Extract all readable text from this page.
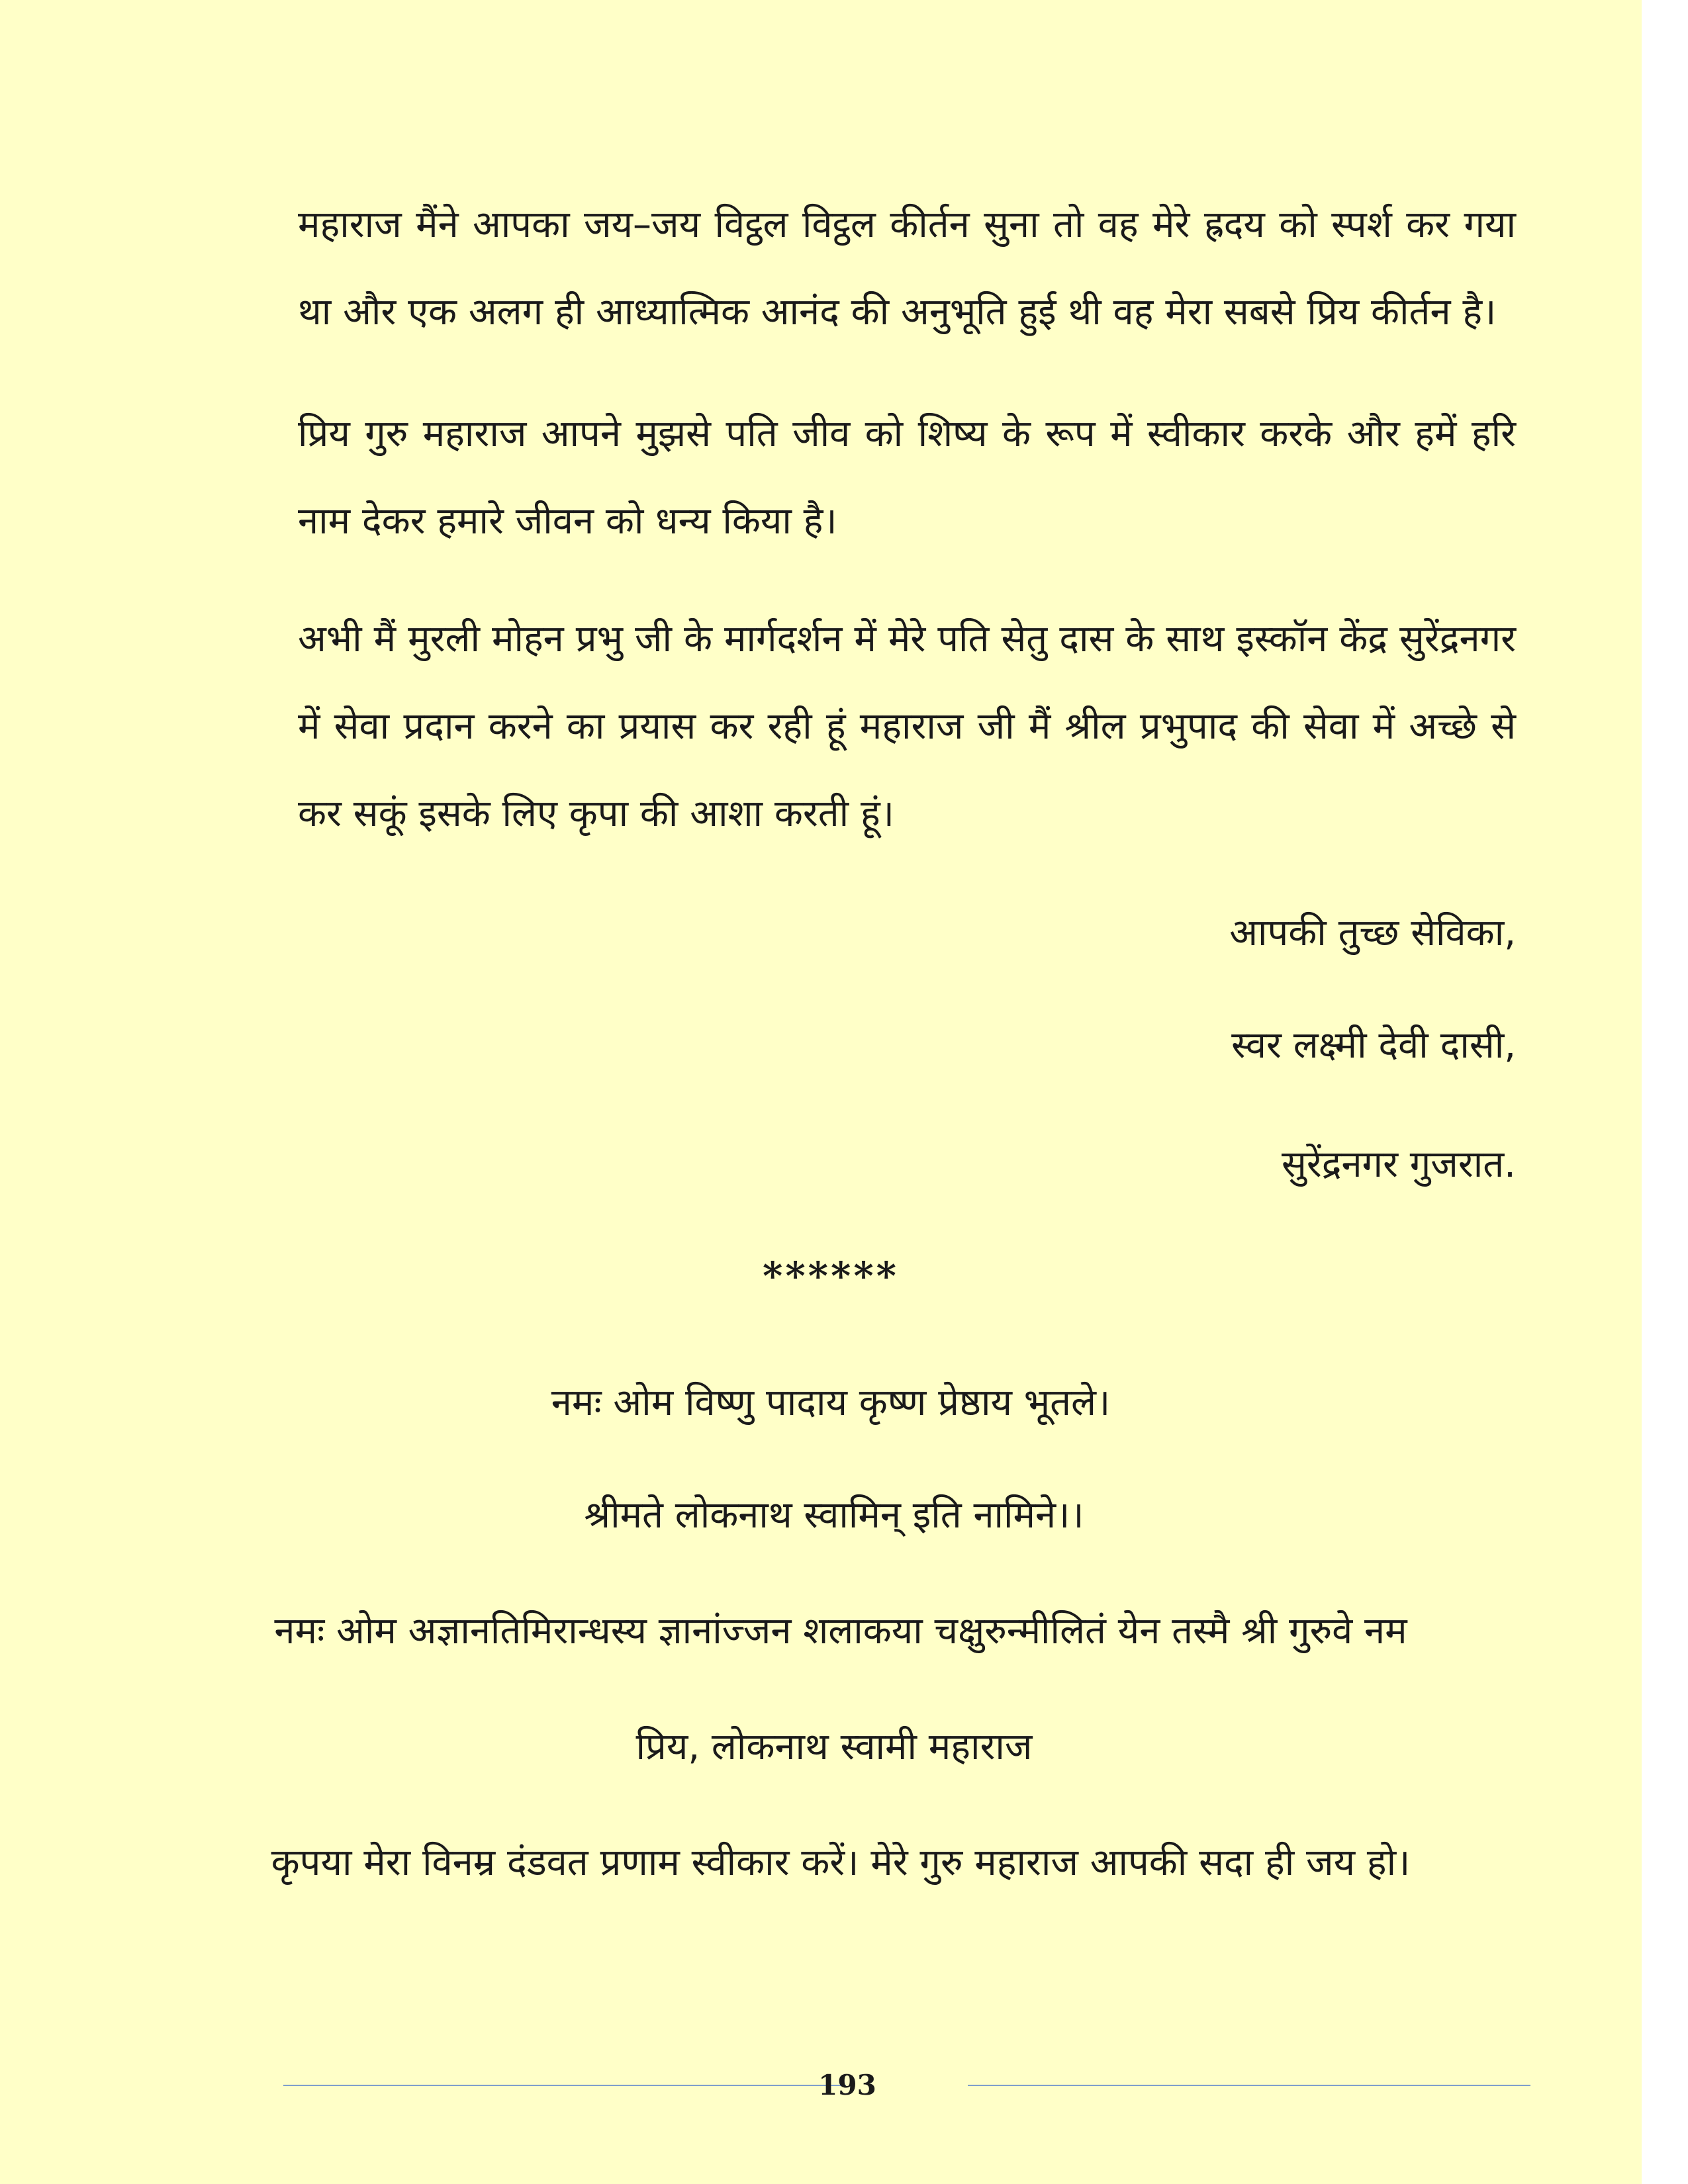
महाराज मैंने आपका जय–जय विट्ठल विट्ठल कीर्तन सुना तो वह मेरे ह्रदय को स्पर्श कर गया था और एक अलग ही आध्यात्मिक आनंद की अनुभूति हुई थी वह मेरा सबसे प्रिय कीर्तन है।

प्रिय गुरु महाराज आपने मुझसे पति जीव को शिष्य के रूप में स्वीकार करके और हमें हरि नाम देकर हमारे जीवन को धन्य किया है।

अभी मैं मुरली मोहन प्रभु जी के मार्गदर्शन में मेरे पति सेतु दास के साथ इस्कॉन केंद्र सुरेंद्रनगर में सेवा प्रदान करने का प्रयास कर रही हूं महाराज जी मैं श्रील प्रभुपाद की सेवा में अच्छे से कर सकूं इसके लिए कृपा की आशा करती हूं।

आपकी तुच्छ सेविका,

स्वर लक्ष्मी देवी दासी,

सुरेंद्रनगर गुजरात.

******

नमः ओम विष्णु पादाय कृष्ण प्रेष्ठाय भूतले।

श्रीमते लोकनाथ स्वामिन् इति नामिने।।

नमः ओम अज्ञानतिमिरान्धस्य ज्ञानांज्जन शलाकया चक्षुरुन्मीलितं येन तस्मै श्री गुरुवे नम

प्रिय, लोकनाथ स्वामी महाराज

कृपया मेरा विनम्र दंडवत प्रणाम स्वीकार करें। मेरे गुरु महाराज आपकी सदा ही जय हो।

193
